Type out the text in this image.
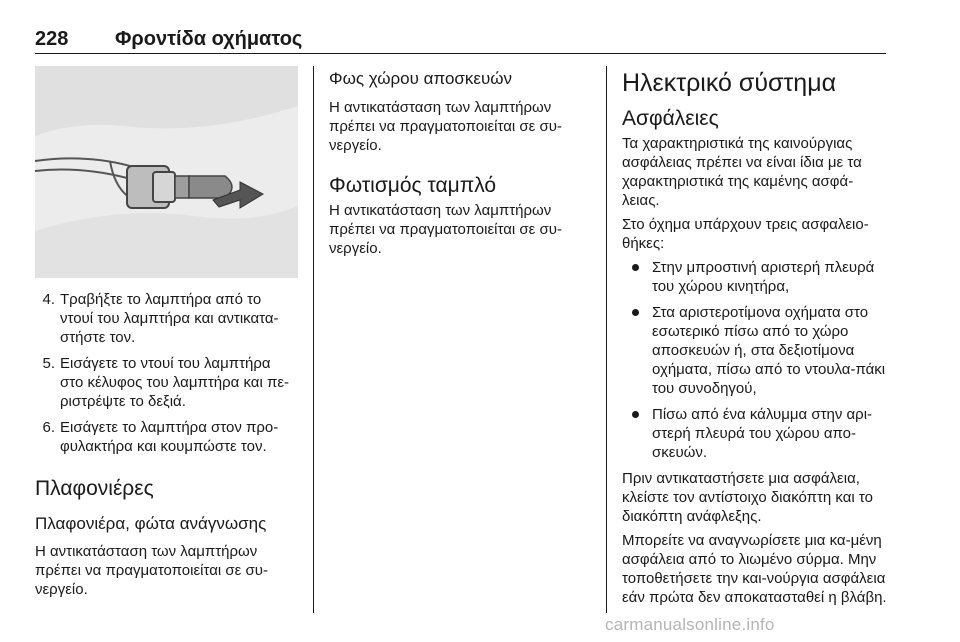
228 Φροντίδα οχήματος
4. Τραβήξτε το λαμπτήρα από το ντουί του λαμπτήρα και αντικατα-στήστε τον.
5. Εισάγετε το ντουί του λαμπτήρα στο κέλυφος του λαμπτήρα και πε-ριστρέψτε το δεξιά.
6. Εισάγετε το λαμπτήρα στον προ-φυλακτήρα και κουμπώστε τον.
Πλαφονιέρες
Πλαφονιέρα, φώτα ανάγνωσης

Η αντικατάσταση των λαμπτήρων πρέπει να πραγματοποιείται σε συ-νεργείο.

Φως χώρου αποσκευών

Η αντικατάσταση των λαμπτήρων πρέπει να πραγματοποιείται σε συ-νεργείο.

Φωτισμός ταμπλό

Η αντικατάσταση των λαμπτήρων πρέπει να πραγματοποιείται σε συ-νεργείο.

Ηλεκτρικό σύστημα
Ασφάλειες

Τα χαρακτηριστικά της καινούργιας ασφάλειας πρέπει να είναι ίδια με τα χαρακτηριστικά της καμένης ασφά-λειας.

Στο όχημα υπάρχουν τρεις ασφαλειο-θήκες:

Στην μπροστινή αριστερή πλευρά του χώρου κινητήρα,
Στα αριστεροτίμονα οχήματα στο εσωτερικό πίσω από το χώρο αποσκευών ή, στα δεξιοτίμονα οχήματα, πίσω από το ντουλα-πάκι του συνοδηγού,
Πίσω από ένα κάλυμμα στην αρι-στερή πλευρά του χώρου απο-σκευών.

Πριν αντικαταστήσετε μια ασφάλεια, κλείστε τον αντίστοιχο διακόπτη και το διακόπτη ανάφλεξης.

Μπορείτε να αναγνωρίσετε μια κα-μένη ασφάλεια από το λιωμένο σύρμα. Μην τοποθετήσετε την και-νούργια ασφάλεια εάν πρώτα δεν αποκατασταθεί η βλάβη.

carmanualsonline.info
